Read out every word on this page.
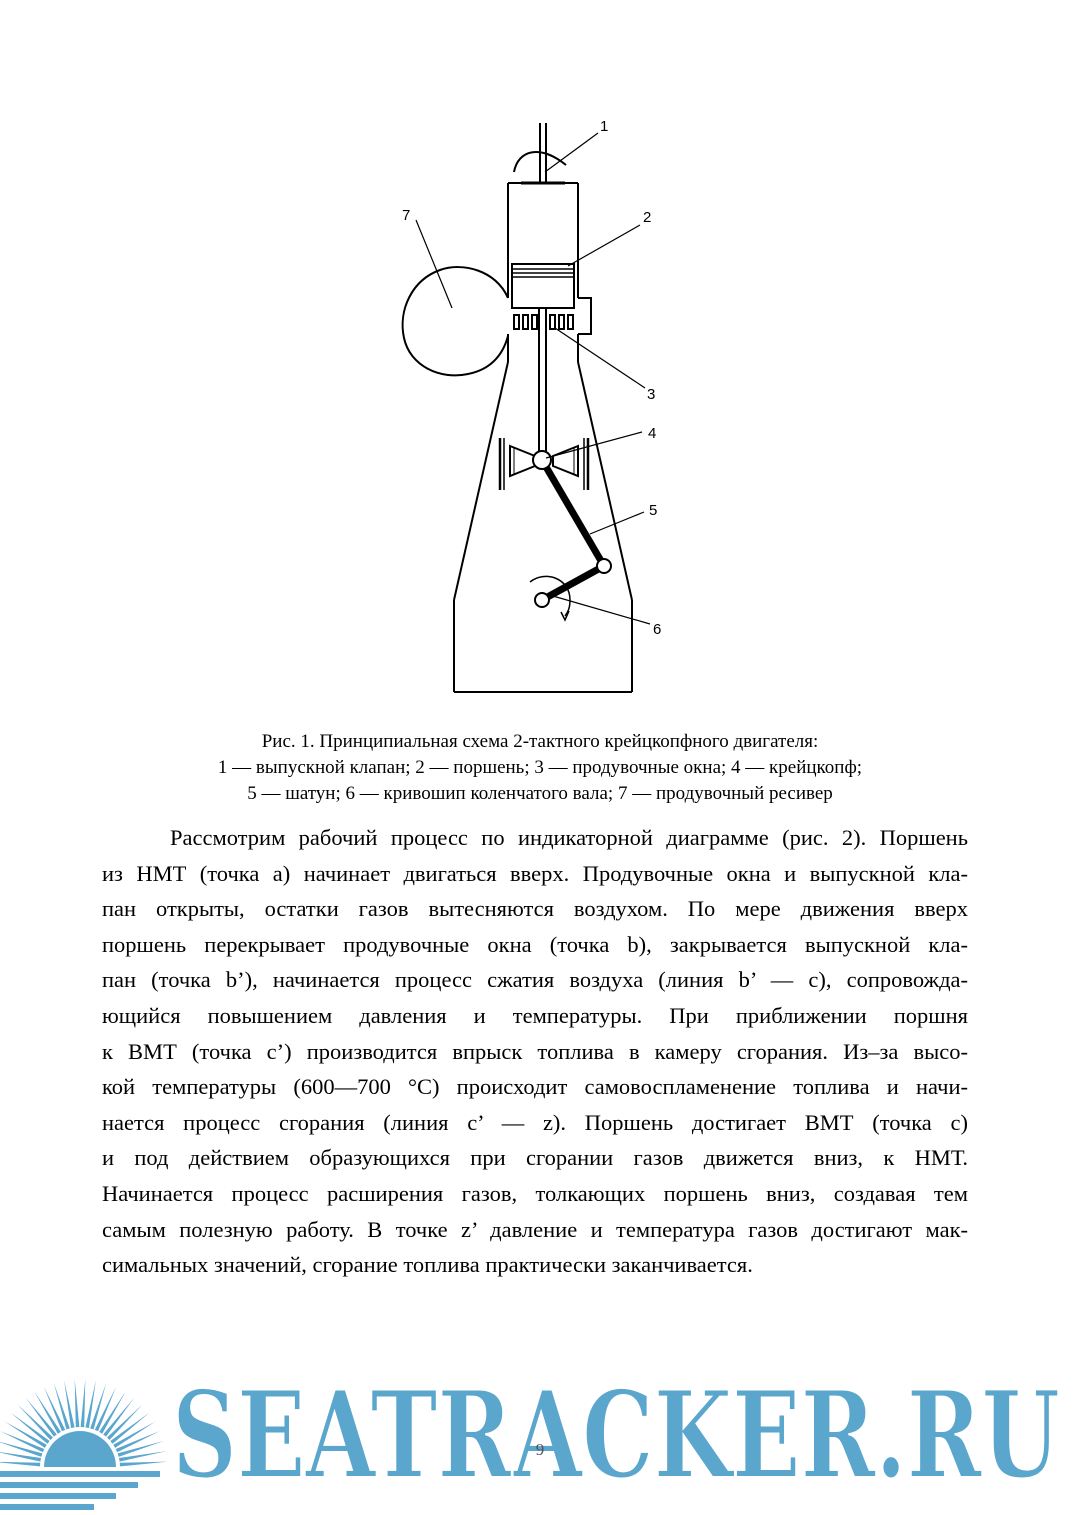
1
2
3
4
5
6
7
Рис. 1. Принципиальная схема 2-тактного крейцкопфного двигателя:
1 — выпускной клапан; 2 — поршень; 3 — продувочные окна; 4 — крейцкопф;
5 — шатун; 6 — кривошип коленчатого вала; 7 — продувочный ресивер
Рассмотрим рабочий процесс по индикаторной диаграмме (рис. 2). Поршень
из НМТ (точка a) начинает двигаться вверх. Продувочные окна и выпускной кла-
пан открыты, остатки газов вытесняются воздухом. По мере движения вверх
поршень перекрывает продувочные окна (точка b), закрывается выпускной кла-
пан (точка b’), начинается процесс сжатия воздуха (линия b’ — c), сопровожда-
ющийся повышением давления и температуры. При приближении поршня
к ВМТ (точка c’) производится впрыск топлива в камеру сгорания. Из–за высо-
кой температуры (600—700 °C) происходит самовоспламенение топлива и начи-
нается процесс сгорания (линия c’ — z). Поршень достигает ВМТ (точка c)
и под действием образующихся при сгорании газов движется вниз, к НМТ.
Начинается процесс расширения газов, толкающих поршень вниз, создавая тем
самым полезную работу. В точке z’ давление и температура газов достигают мак-
симальных значений, сгорание топлива практически заканчивается.
SEATRACKER.RU
9
